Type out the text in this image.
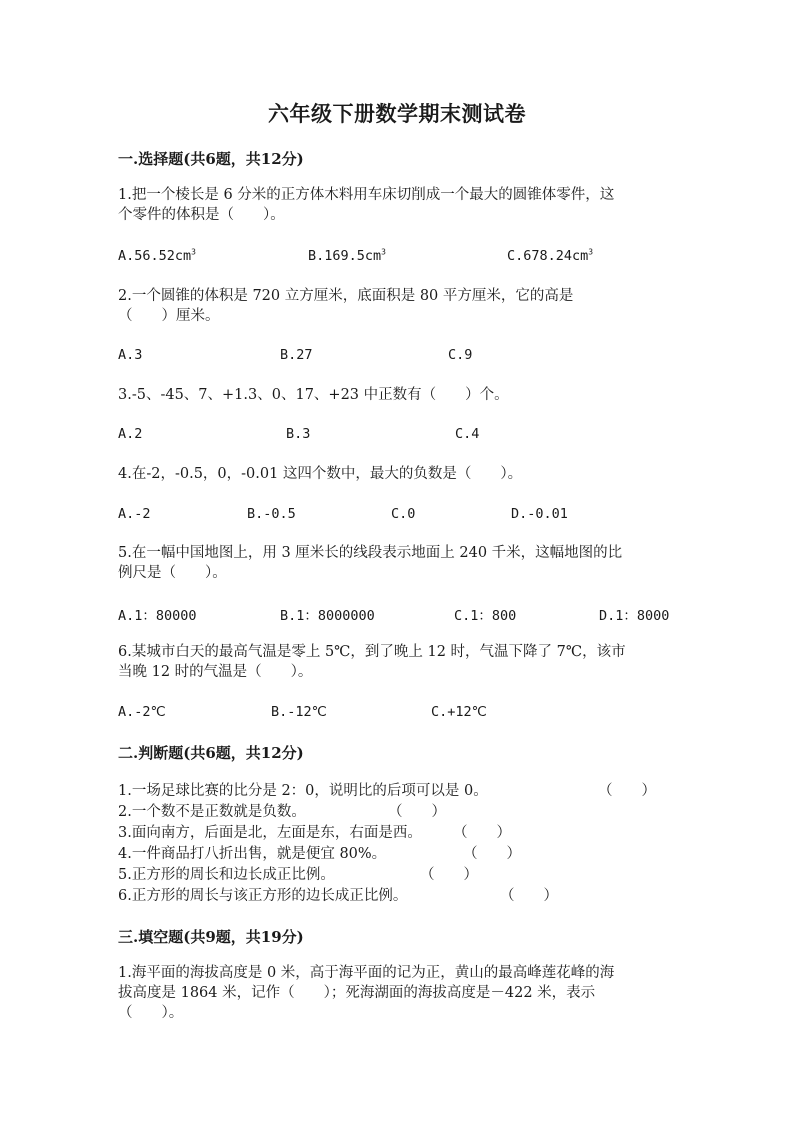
六年级下册数学期末测试卷
一.选择题(共6题，共12分)
1.把一个棱长是 6 分米的正方体木料用车床切削成一个最大的圆锥体零件，这
个零件的体积是（　　）。
$A.56.52cm^3$	$B.169.5cm^3$	$C.678.24cm^3$
2.一个圆锥的体积是 720 立方厘米，底面积是 80 平方厘米，它的高是
（　　）厘米。
A.3	B.27	C.9
3.-5、-45、7、+1.3、0、17、+23 中正数有（　　）个。
A.2	B.3	C.4
4.在-2，-0.5，0，-0.01 这四个数中，最大的负数是（　　）。
A.-2	B.-0.5	C.0	D.-0.01
5.在一幅中国地图上，用 3 厘米长的线段表示地面上 240 千米，这幅地图的比
例尺是（　　）。
A.1：80000	B.1：8000000	C.1：800	D.1：8000
6.某城市白天的最高气温是零上 5℃，到了晚上 12 时，气温下降了 7℃，该市
当晚 12 时的气温是（　　）。
A.-2℃	B.-12℃	C.+12℃
二.判断题(共6题，共12分)
1.一场足球比赛的比分是 2：0，说明比的后项可以是 0。	（　　）
2.一个数不是正数就是负数。	（　　）
3.面向南方，后面是北，左面是东，右面是西。 （　　）
4.一件商品打八折出售，就是便宜 80%。	（　　）
5.正方形的周长和边长成正比例。	（　　）
6.正方形的周长与该正方形的边长成正比例。	（　　）
三.填空题(共9题，共19分)
1.海平面的海拔高度是 0 米，高于海平面的记为正，黄山的最高峰莲花峰的海
拔高度是 1864 米，记作（　　）；死海湖面的海拔高度是－422 米，表示
（　　）。
